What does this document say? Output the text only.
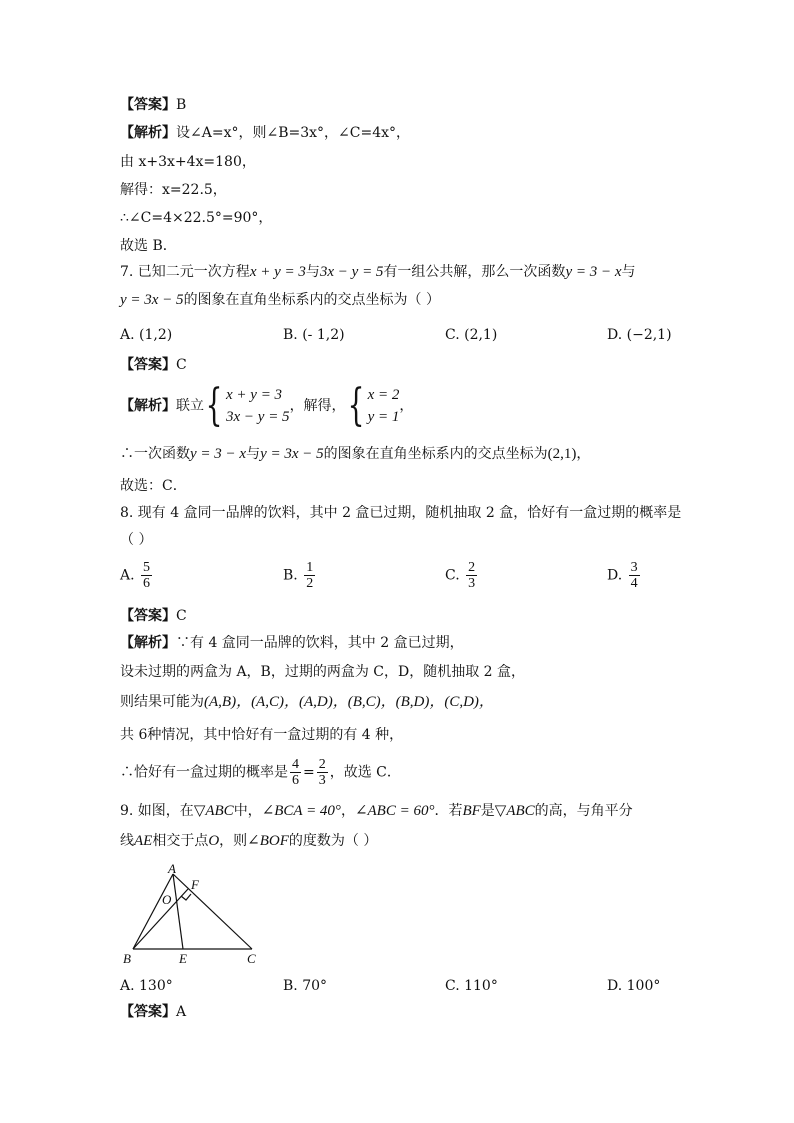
【答案】B
【解析】设∠A=x°，则∠B=3x°，∠C=4x°，
由 x+3x+4x=180，
解得：x=22.5，
∴∠C=4×22.5°=90°，
故选 B．
7. 已知二元一次方程x + y = 3与3x − y = 5有一组公共解，那么一次函数y = 3 − x与
y = 3x − 5的图象在直角坐标系内的交点坐标为（ ）
A. (1,2)	B. (- 1,2)	C. (2,1)	D. (−2,1)
【答案】C
【解析】联立 { x + y = 3
3x − y = 5
，解得， { x = 2
y = 1
，
∴一次函数y = 3 − x与y = 3x − 5的图象在直角坐标系内的交点坐标为(2,1)，
故选：C．
8. 现有 4 盒同一品牌的饮料，其中 2 盒已过期，随机抽取 2 盒，恰好有一盒过期的概率是
（ ）
A. $\frac{5}{6}$	B. $\frac{1}{2}$	C. $\frac{2}{3}$	D. $\frac{3}{4}$
【答案】C
【解析】∵有 4 盒同一品牌的饮料，其中 2 盒已过期，
设未过期的两盒为 A，B，过期的两盒为 C，D，随机抽取 2 盒，
则结果可能为(A,B)，(A,C)，(A,D)，(B,C)，(B,D)，(C,D)，
共 6种情况，其中恰好有一盒过期的有 4 种，
∴恰好有一盒过期的概率是 $\frac{4}{6} = \frac{2}{3}$ ，故选 C．
9. 如图，在▽ABC中，∠BCA = 40°，∠ABC = 60°．若BF是▽ABC的高，与角平分
线AE相交于点O，则∠BOF的度数为（ ）
A
F
O
B	E	C
A. 130°	B. 70°	C. 110°	D. 100°
【答案】A
